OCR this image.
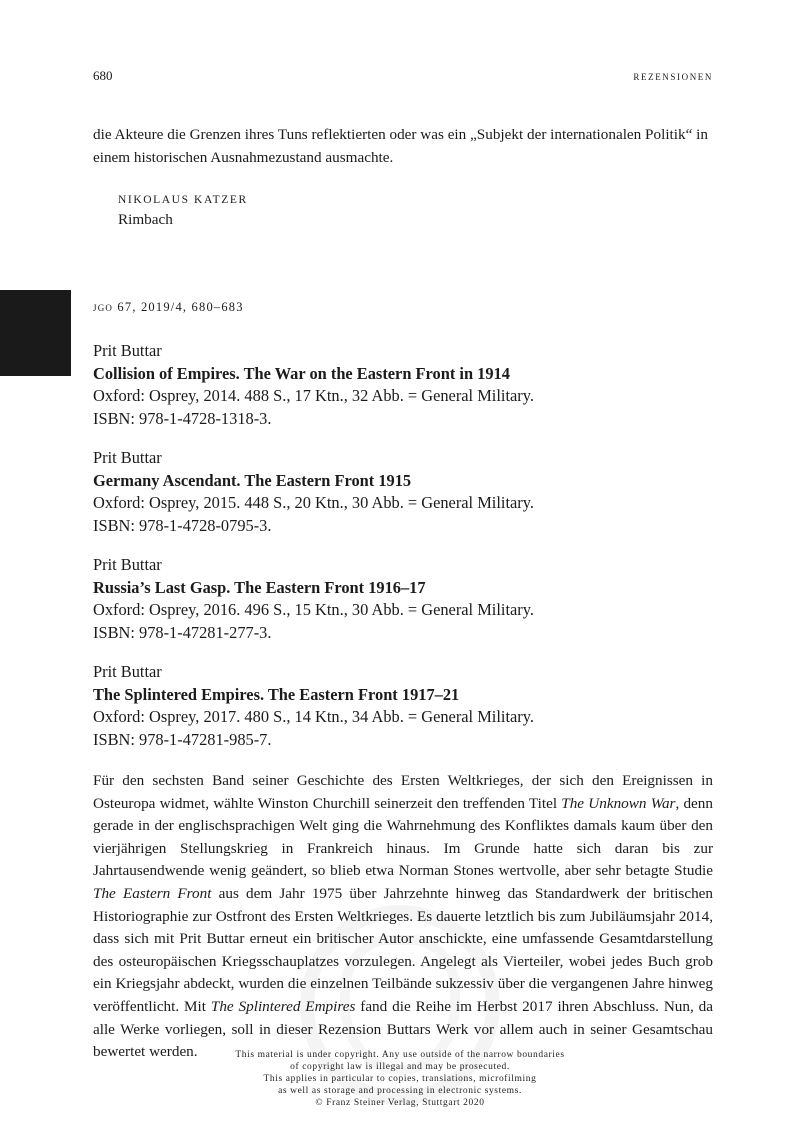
680	rezensionen
die Akteure die Grenzen ihres Tuns reflektierten oder was ein „Subjekt der internationalen Politik“ in einem historischen Ausnahmezustand ausmachte.
NIKOLAUS KATZER
Rimbach
jgo 67, 2019/4, 680–683
Prit Buttar
Collision of Empires. The War on the Eastern Front in 1914
Oxford: Osprey, 2014. 488 S., 17 Ktn., 32 Abb. = General Military.
ISBN: 978-1-4728-1318-3.
Prit Buttar
Germany Ascendant. The Eastern Front 1915
Oxford: Osprey, 2015. 448 S., 20 Ktn., 30 Abb. = General Military.
ISBN: 978-1-4728-0795-3.
Prit Buttar
Russia’s Last Gasp. The Eastern Front 1916–17
Oxford: Osprey, 2016. 496 S., 15 Ktn., 30 Abb. = General Military.
ISBN: 978-1-47281-277-3.
Prit Buttar
The Splintered Empires. The Eastern Front 1917–21
Oxford: Osprey, 2017. 480 S., 14 Ktn., 34 Abb. = General Military.
ISBN: 978-1-47281-985-7.

Für den sechsten Band seiner Geschichte des Ersten Weltkrieges, der sich den Ereignissen in Osteuropa widmet, wählte Winston Churchill seinerzeit den treffenden Titel The Unknown War, denn gerade in der englischsprachigen Welt ging die Wahrnehmung des Konfliktes damals kaum über den vierjährigen Stellungskrieg in Frankreich hinaus. Im Grunde hatte sich daran bis zur Jahrtausendwende wenig geändert, so blieb etwa Norman Stones wertvolle, aber sehr betagte Studie The Eastern Front aus dem Jahr 1975 über Jahrzehnte hinweg das Standardwerk der britischen Historiographie zur Ostfront des Ersten Weltkrieges. Es dauerte letztlich bis zum Jubiläumsjahr 2014, dass sich mit Prit Buttar erneut ein britischer Autor anschickte, eine umfassende Gesamtdarstellung des osteuropäischen Kriegsschauplatzes vorzulegen. Angelegt als Vierteiler, wobei jedes Buch grob ein Kriegsjahr abdeckt, wurden die einzelnen Teilbände sukzessiv über die vergangenen Jahre hinweg veröffentlicht. Mit The Splintered Empires fand die Reihe im Herbst 2017 ihren Abschluss. Nun, da alle Werke vorliegen, soll in dieser Rezension Buttars Werk vor allem auch in seiner Gesamtschau bewertet werden.	This material is under copyright. Any use outside of the narrow boundaries
of copyright law is illegal and may be prosecuted.
This applies in particular to copies, translations, microfilming
as well as storage and processing in electronic systems.
© Franz Steiner Verlag, Stuttgart 2020
